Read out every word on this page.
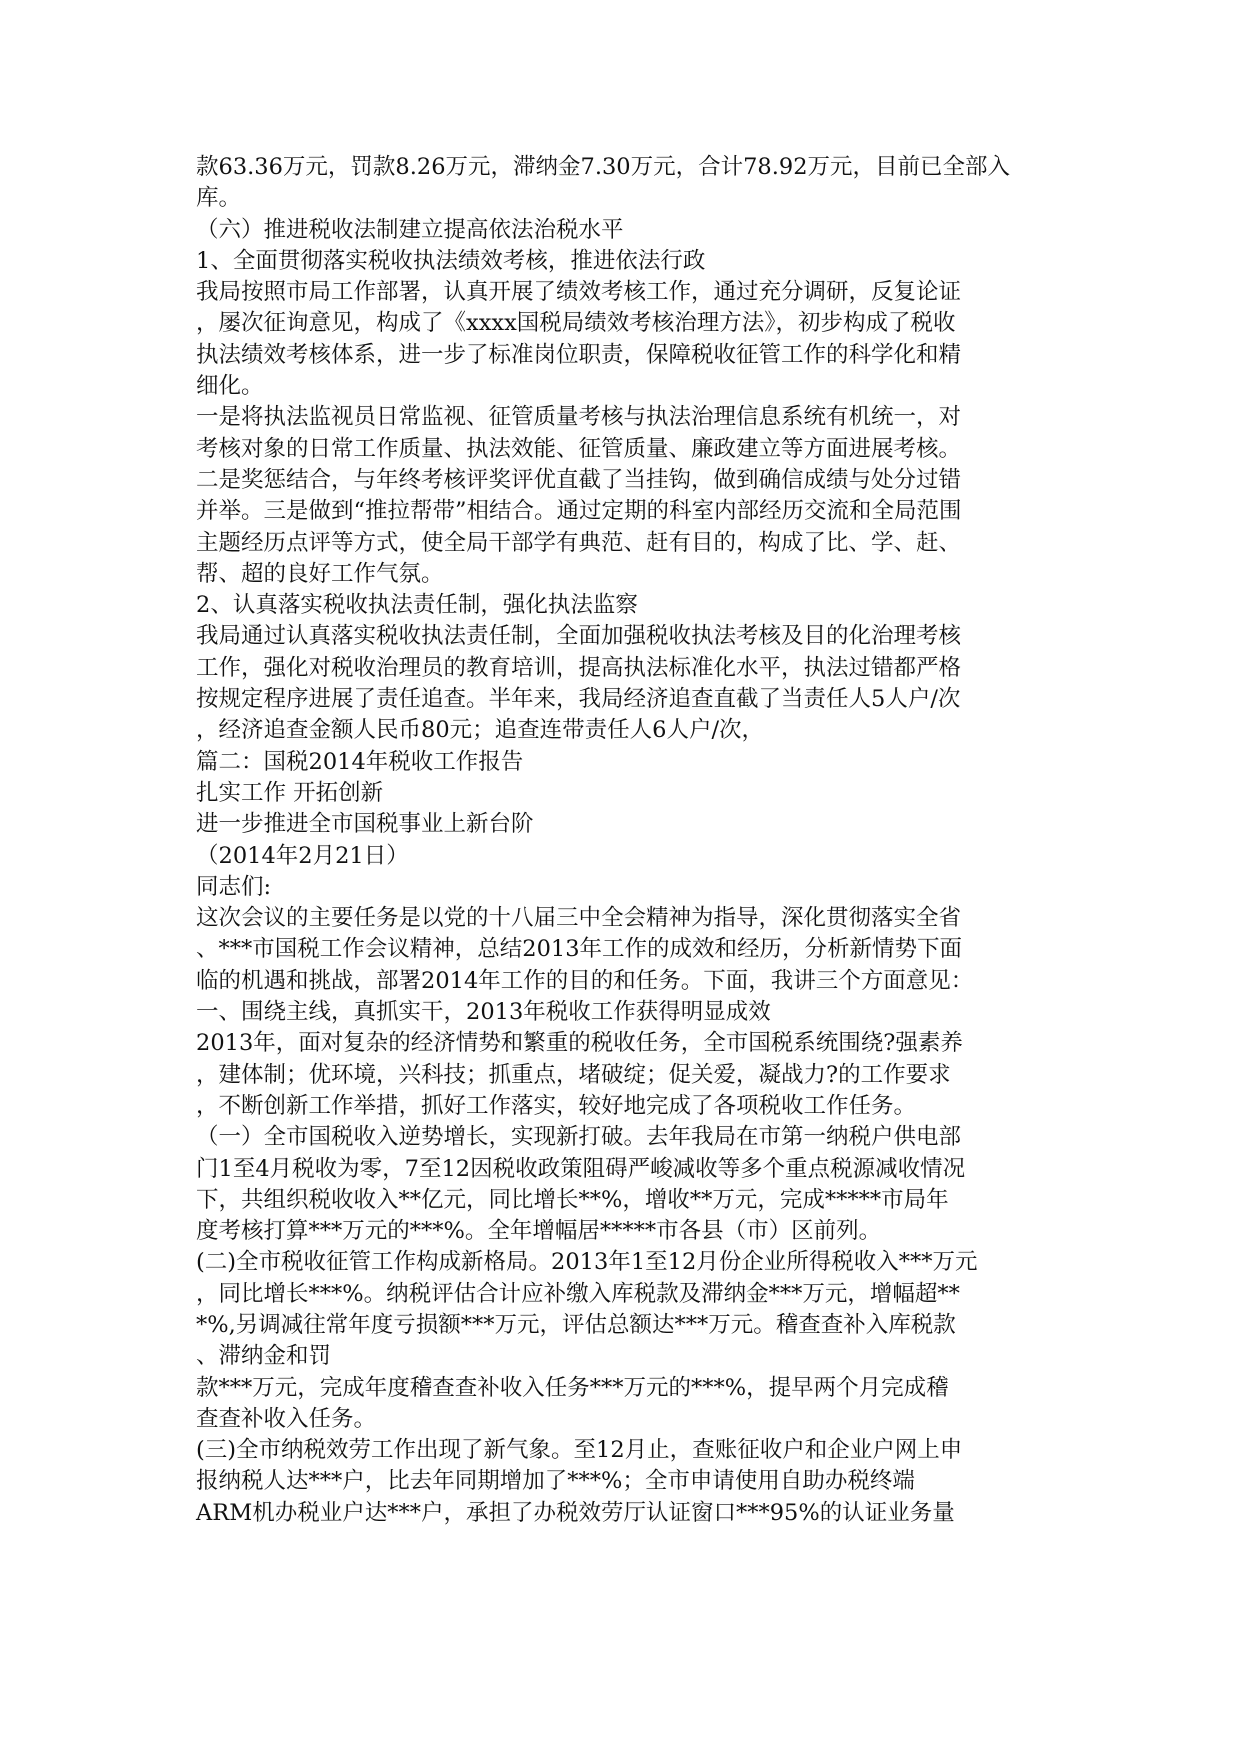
款63.36万元，罚款8.26万元，滞纳金7.30万元，合计78.92万元，目前已全部入
库。
（六）推进税收法制建立提高依法治税水平
1、全面贯彻落实税收执法绩效考核，推进依法行政
我局按照市局工作部署，认真开展了绩效考核工作，通过充分调研，反复论证
，屡次征询意见，构成了《xxxx国税局绩效考核治理方法》，初步构成了税收
执法绩效考核体系，进一步了标准岗位职责，保障税收征管工作的科学化和精
细化。
一是将执法监视员日常监视、征管质量考核与执法治理信息系统有机统一，对
考核对象的日常工作质量、执法效能、征管质量、廉政建立等方面进展考核。
二是奖惩结合，与年终考核评奖评优直截了当挂钩，做到确信成绩与处分过错
并举。三是做到“推拉帮带”相结合。通过定期的科室内部经历交流和全局范围
主题经历点评等方式，使全局干部学有典范、赶有目的，构成了比、学、赶、
帮、超的良好工作气氛。
2、认真落实税收执法责任制，强化执法监察
我局通过认真落实税收执法责任制，全面加强税收执法考核及目的化治理考核
工作，强化对税收治理员的教育培训，提高执法标准化水平，执法过错都严格
按规定程序进展了责任追查。半年来，我局经济追查直截了当责任人5人户/次
，经济追查金额人民币80元；追查连带责任人6人户/次，
篇二：国税2014年税收工作报告
扎实工作 开拓创新
进一步推进全市国税事业上新台阶
（2014年2月21日）
同志们:
这次会议的主要任务是以党的十八届三中全会精神为指导，深化贯彻落实全省
、***市国税工作会议精神，总结2013年工作的成效和经历，分析新情势下面
临的机遇和挑战，部署2014年工作的目的和任务。下面，我讲三个方面意见：
一、围绕主线，真抓实干，2013年税收工作获得明显成效
2013年，面对复杂的经济情势和繁重的税收任务，全市国税系统围绕?强素养
，建体制；优环境，兴科技；抓重点，堵破绽；促关爱，凝战力?的工作要求
，不断创新工作举措，抓好工作落实，较好地完成了各项税收工作任务。
（一）全市国税收入逆势增长，实现新打破。去年我局在市第一纳税户供电部
门1至4月税收为零，7至12因税收政策阻碍严峻减收等多个重点税源减收情况
下，共组织税收收入**亿元，同比增长**%，增收**万元，完成*****市局年
度考核打算***万元的***%。全年增幅居*****市各县（市）区前列。
(二)全市税收征管工作构成新格局。2013年1至12月份企业所得税收入***万元
，同比增长***%。纳税评估合计应补缴入库税款及滞纳金***万元，增幅超**
*%,另调减往常年度亏损额***万元，评估总额达***万元。稽查查补入库税款
、滞纳金和罚
款***万元，完成年度稽查查补收入任务***万元的***%，提早两个月完成稽
查查补收入任务。
(三)全市纳税效劳工作出现了新气象。至12月止，查账征收户和企业户网上申
报纳税人达***户，比去年同期增加了***%；全市申请使用自助办税终端
ARM机办税业户达***户，承担了办税效劳厅认证窗口***95%的认证业务量
